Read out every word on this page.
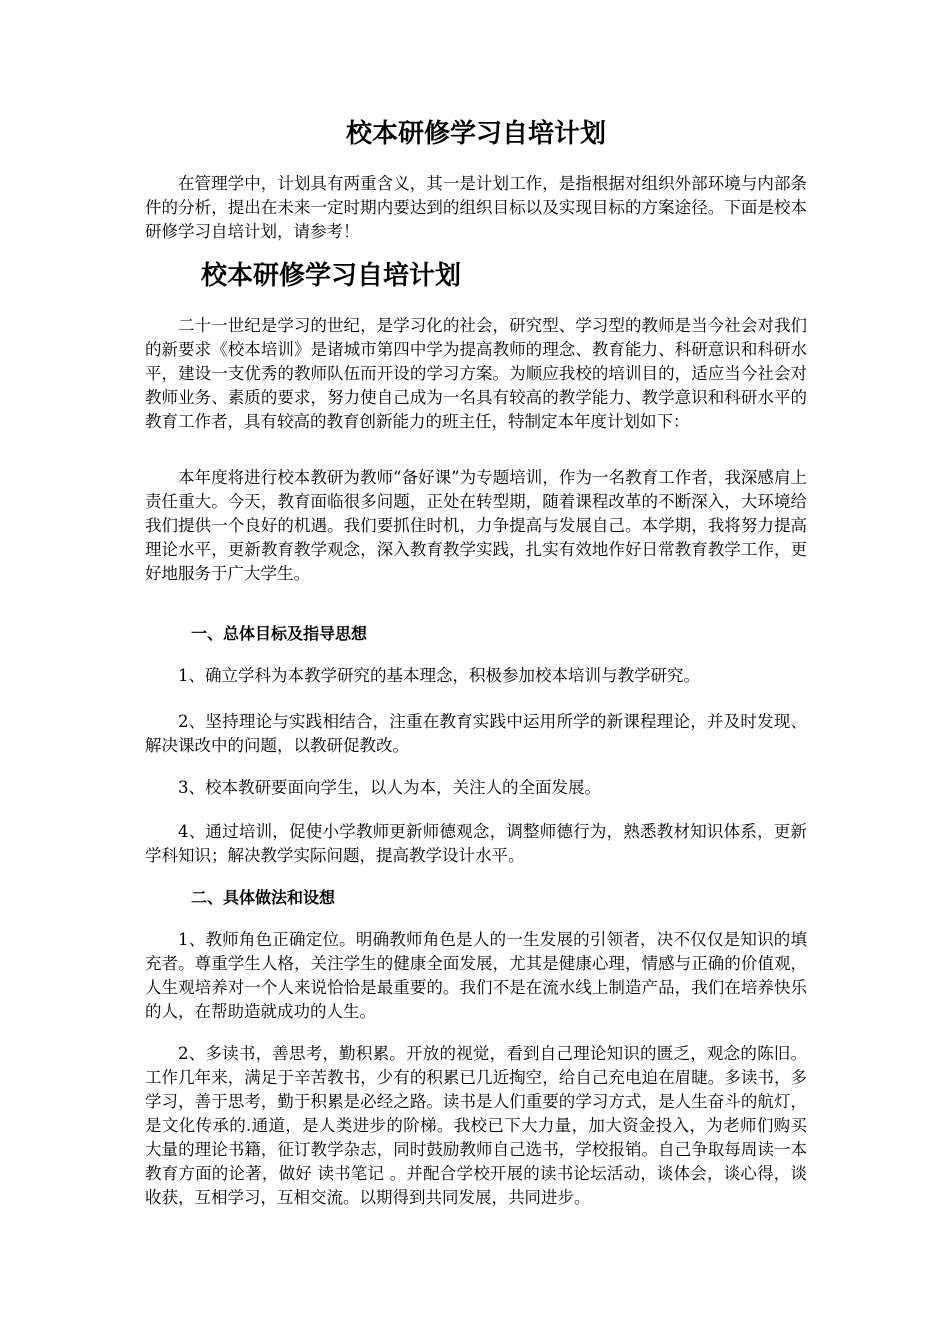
校本研修学习自培计划

在管理学中，计划具有两重含义，其一是计划工作，是指根据对组织外部环境与内部条件的分析，提出在未来一定时期内要达到的组织目标以及实现目标的方案途径。下面是校本研修学习自培计划，请参考！

校本研修学习自培计划

二十一世纪是学习的世纪，是学习化的社会，研究型、学习型的教师是当今社会对我们的新要求《校本培训》是诸城市第四中学为提高教师的理念、教育能力、科研意识和科研水平，建设一支优秀的教师队伍而开设的学习方案。为顺应我校的培训目的，适应当今社会对教师业务、素质的要求，努力使自己成为一名具有较高的教学能力、教学意识和科研水平的教育工作者，具有较高的教育创新能力的班主任，特制定本年度计划如下：

本年度将进行校本教研为教师“备好课”为专题培训，作为一名教育工作者，我深感肩上责任重大。今天，教育面临很多问题，正处在转型期，随着课程改革的不断深入，大环境给我们提供一个良好的机遇。我们要抓住时机，力争提高与发展自己。本学期，我将努力提高理论水平，更新教育教学观念，深入教育教学实践，扎实有效地作好日常教育教学工作，更好地服务于广大学生。

一、总体目标及指导思想

1、确立学科为本教学研究的基本理念，积极参加校本培训与教学研究。

2、坚持理论与实践相结合，注重在教育实践中运用所学的新课程理论，并及时发现、解决课改中的问题，以教研促教改。

3、校本教研要面向学生，以人为本，关注人的全面发展。

4、通过培训，促使小学教师更新师德观念，调整师德行为，熟悉教材知识体系，更新学科知识；解决教学实际问题，提高教学设计水平。

二、具体做法和设想

1、教师角色正确定位。明确教师角色是人的一生发展的引领者，决不仅仅是知识的填充者。尊重学生人格，关注学生的健康全面发展，尤其是健康心理，情感与正确的价值观，人生观培养对一个人来说恰恰是最重要的。我们不是在流水线上制造产品，我们在培养快乐的人，在帮助造就成功的人生。

2、多读书，善思考，勤积累。开放的视觉，看到自己理论知识的匮乏，观念的陈旧。工作几年来，满足于辛苦教书，少有的积累已几近掏空，给自己充电迫在眉睫。多读书，多学习，善于思考，勤于积累是必经之路。读书是人们重要的学习方式，是人生奋斗的航灯，是文化传承的.通道，是人类进步的阶梯。我校已下大力量，加大资金投入，为老师们购买大量的理论书籍，征订教学杂志，同时鼓励教师自己选书，学校报销。自己争取每周读一本教育方面的论著，做好 读书笔记 。并配合学校开展的读书论坛活动，谈体会，谈心得，谈收获，互相学习，互相交流。以期得到共同发展，共同进步。
